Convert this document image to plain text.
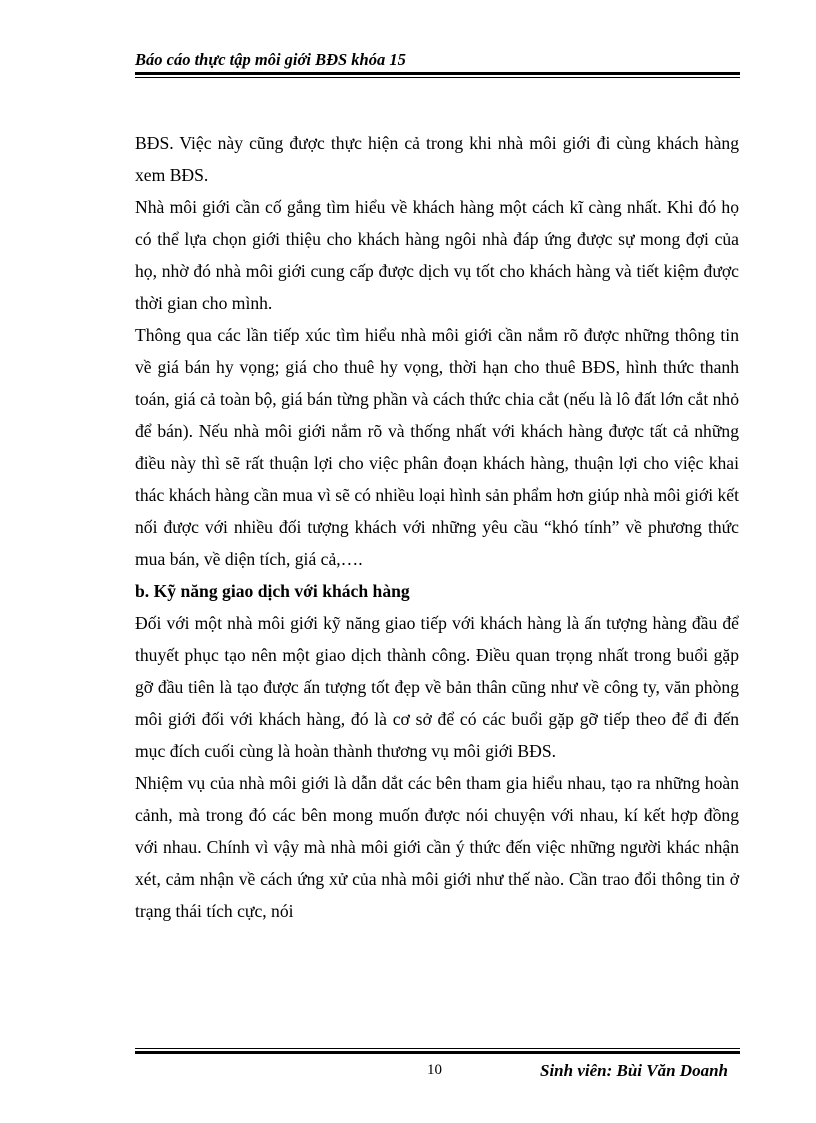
Báo cáo thực tập môi giới BĐS khóa 15

BĐS. Việc này cũng được thực hiện cả trong khi nhà môi giới đi cùng khách hàng xem BĐS.

Nhà môi giới cần cố gắng tìm hiểu về khách hàng một cách kĩ càng nhất. Khi đó họ có thể lựa chọn giới thiệu cho khách hàng ngôi nhà đáp ứng được sự mong đợi của họ, nhờ đó nhà môi giới cung cấp được dịch vụ tốt cho khách hàng và tiết kiệm được thời gian cho mình.

Thông qua các lần tiếp xúc tìm hiểu nhà môi giới cần nắm rõ được những thông tin về giá bán hy vọng; giá cho thuê hy vọng, thời hạn cho thuê BĐS, hình thức thanh toán, giá cả toàn bộ, giá bán từng phần và cách thức chia cắt (nếu là lô đất lớn cắt nhỏ để bán). Nếu nhà môi giới nắm rõ và thống nhất với khách hàng được tất cả những điều này thì sẽ rất thuận lợi cho việc phân đoạn khách hàng, thuận lợi cho việc khai thác khách hàng cần mua vì sẽ có nhiều loại hình sản phẩm hơn giúp nhà môi giới kết nối được với nhiều đối tượng khách với những yêu cầu “khó tính” về phương thức mua bán, về diện tích, giá cả,….

b. Kỹ năng giao dịch với khách hàng

Đối với một nhà môi giới kỹ năng giao tiếp với khách hàng là ấn tượng hàng đầu để thuyết phục tạo nên một giao dịch thành công. Điều quan trọng nhất trong buổi gặp gỡ đầu tiên là tạo được ấn tượng tốt đẹp về bản thân cũng như về công ty, văn phòng môi giới đối với khách hàng, đó là cơ sở để có các buổi gặp gỡ tiếp theo để đi đến mục đích cuối cùng là hoàn thành thương vụ môi giới BĐS.

Nhiệm vụ của nhà môi giới là dẫn dắt các bên tham gia hiểu nhau, tạo ra những hoàn cảnh, mà trong đó các bên mong muốn được nói chuyện với nhau, kí kết hợp đồng với nhau. Chính vì vậy mà nhà môi giới cần ý thức đến việc những người khác nhận xét, cảm nhận về cách ứng xử của nhà môi giới như thế nào. Cần trao đổi thông tin ở trạng thái tích cực, nói

10	Sinh viên: Bùi Văn Doanh
